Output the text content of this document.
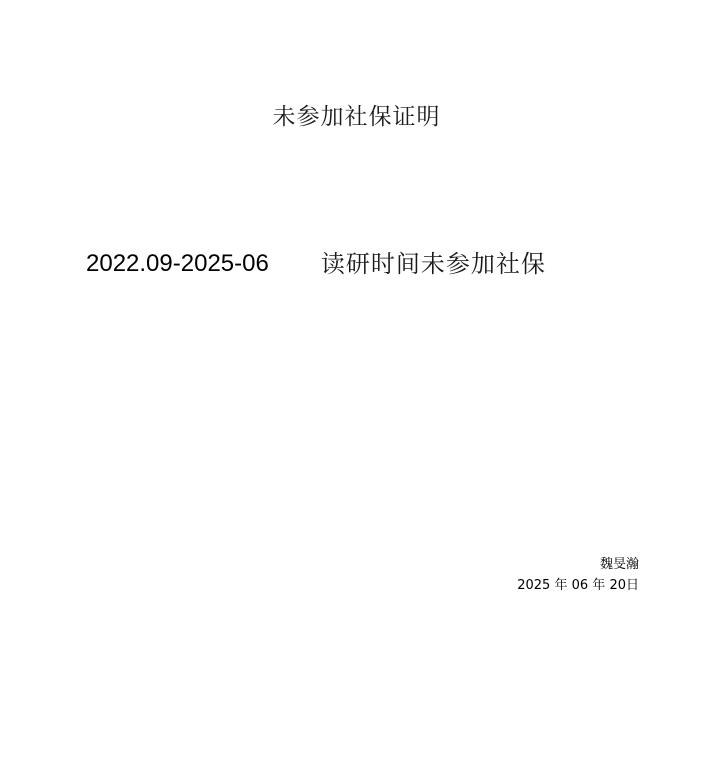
未参加社保证明
2022.09-2025-06 读研时间未参加社保
魏旻瀚
2025 年 06 年 20日
